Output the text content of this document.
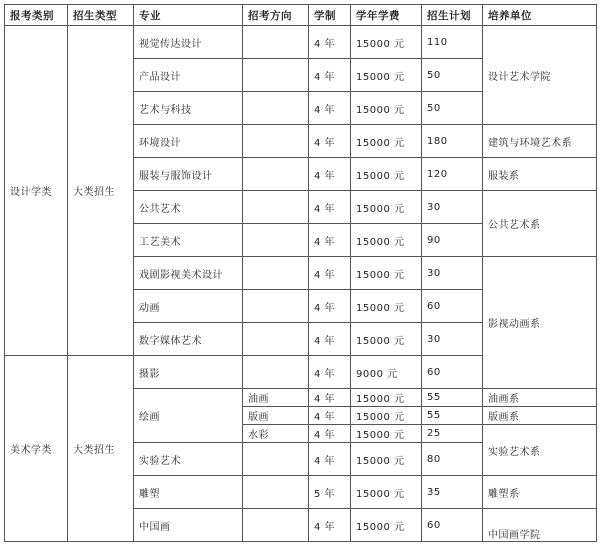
报考类别	招生类型	专业	招考方向	学制	学年学费	招生计划	培养单位	
设计学类	大类招生	视觉传达设计		4 年	15000 元	110	设计艺术学院	
		产品设计		4 年	15000 元	50		
		艺术与科技		4 年	15000 元	50		
		环境设计		4 年	15000 元	180	建筑与环境艺术系	
		服装与服饰设计		4 年	15000 元	120	服装系	
		公共艺术		4 年	15000 元	30	公共艺术系	
		工艺美术		4 年	15000 元	90		
		戏剧影视美术设计		4 年	15000 元	30	影视动画系	
		动画		4 年	15000 元	60		
		数字媒体艺术		4 年	15000 元	30		
美术学类	大类招生	摄影		4 年	9000 元	60		
		绘画	油画	4 年	15000 元	55	油画系	
			版画	4 年	15000 元	55	版画系	
			水彩	4 年	15000 元	25	实验艺术系	
		实验艺术		4 年	15000 元	80		
		雕塑		5 年	15000 元	35	雕塑系	
		中国画		4 年	15000 元	60	中国画学院	
